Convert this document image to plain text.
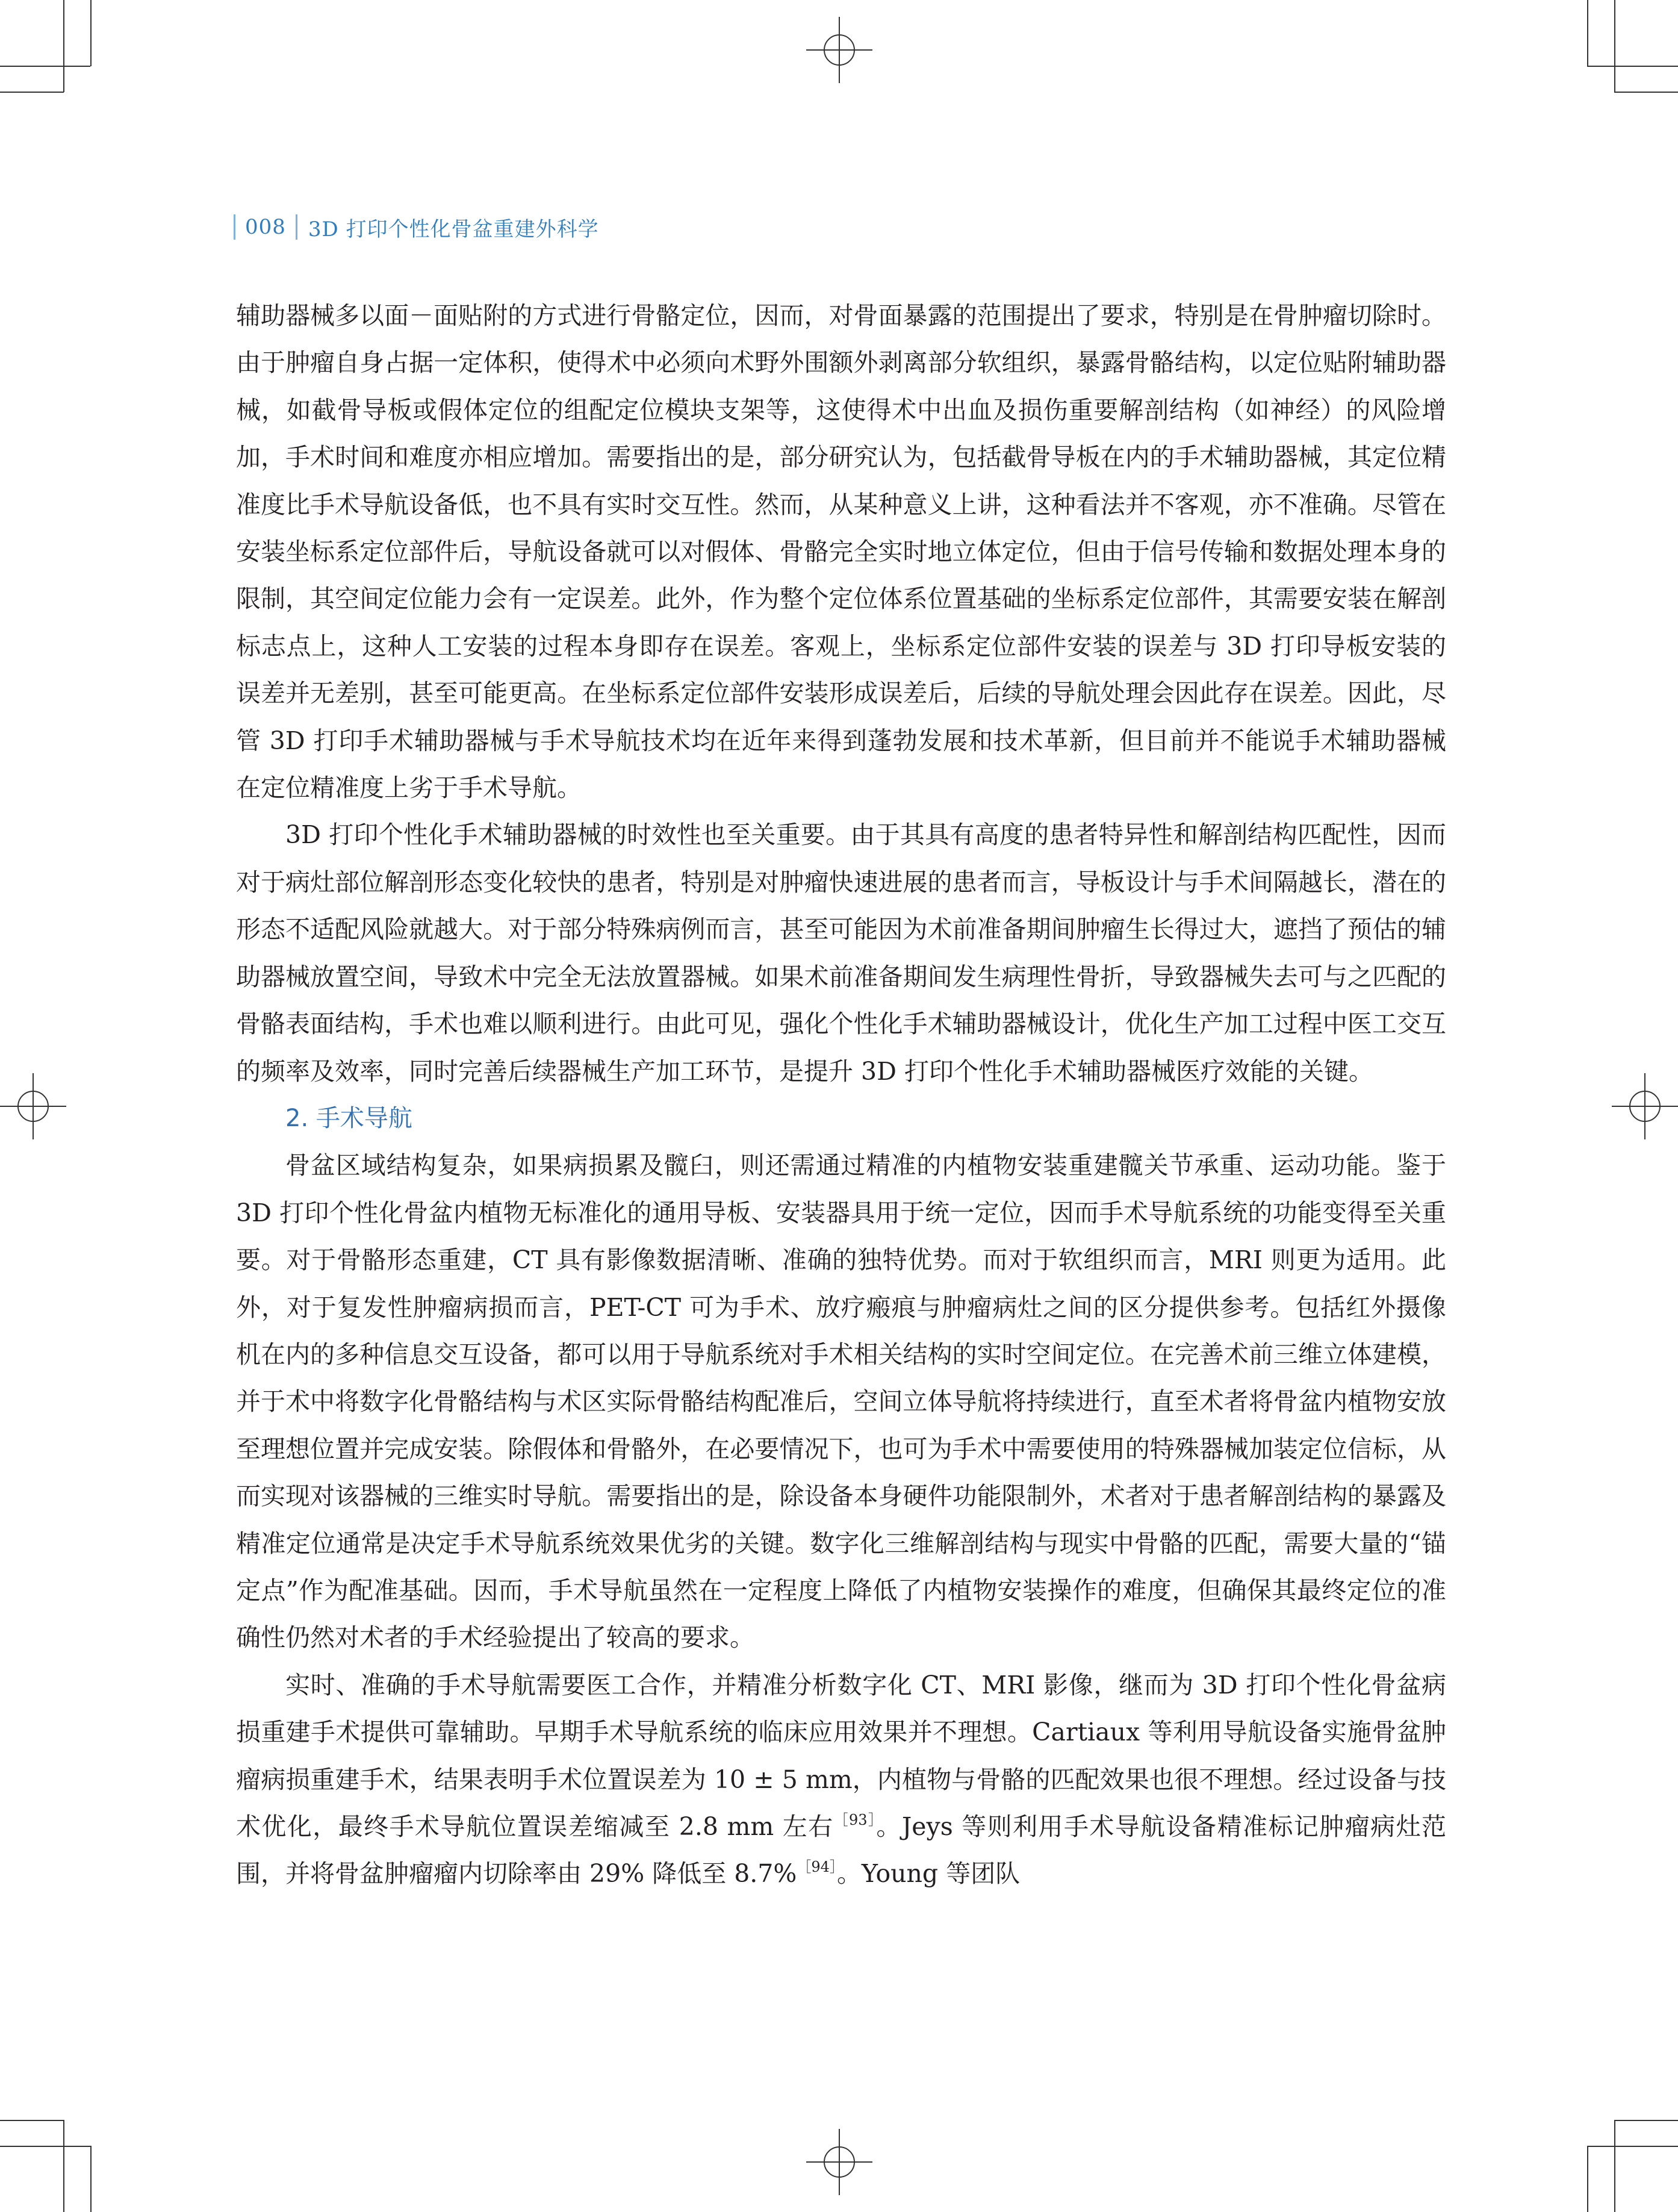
008 3D 打印个性化骨盆重建外科学

辅助器械多以面－面贴附的方式进行骨骼定位，因而，对骨面暴露的范围提出了要求，特别是在骨肿瘤切除时。由于肿瘤自身占据一定体积，使得术中必须向术野外围额外剥离部分软组织，暴露骨骼结构，以定位贴附辅助器械，如截骨导板或假体定位的组配定位模块支架等，这使得术中出血及损伤重要解剖结构（如神经）的风险增加，手术时间和难度亦相应增加。需要指出的是，部分研究认为，包括截骨导板在内的手术辅助器械，其定位精准度比手术导航设备低，也不具有实时交互性。然而，从某种意义上讲，这种看法并不客观，亦不准确。尽管在安装坐标系定位部件后，导航设备就可以对假体、骨骼完全实时地立体定位，但由于信号传输和数据处理本身的限制，其空间定位能力会有一定误差。此外，作为整个定位体系位置基础的坐标系定位部件，其需要安装在解剖标志点上，这种人工安装的过程本身即存在误差。客观上，坐标系定位部件安装的误差与 3D 打印导板安装的误差并无差别，甚至可能更高。在坐标系定位部件安装形成误差后，后续的导航处理会因此存在误差。因此，尽管 3D 打印手术辅助器械与手术导航技术均在近年来得到蓬勃发展和技术革新，但目前并不能说手术辅助器械在定位精准度上劣于手术导航。

3D 打印个性化手术辅助器械的时效性也至关重要。由于其具有高度的患者特异性和解剖结构匹配性，因而对于病灶部位解剖形态变化较快的患者，特别是对肿瘤快速进展的患者而言，导板设计与手术间隔越长，潜在的形态不适配风险就越大。对于部分特殊病例而言，甚至可能因为术前准备期间肿瘤生长得过大，遮挡了预估的辅助器械放置空间，导致术中完全无法放置器械。如果术前准备期间发生病理性骨折，导致器械失去可与之匹配的骨骼表面结构，手术也难以顺利进行。由此可见，强化个性化手术辅助器械设计，优化生产加工过程中医工交互的频率及效率，同时完善后续器械生产加工环节，是提升 3D 打印个性化手术辅助器械医疗效能的关键。

2. 手术导航

骨盆区域结构复杂，如果病损累及髋臼，则还需通过精准的内植物安装重建髋关节承重、运动功能。鉴于 3D 打印个性化骨盆内植物无标准化的通用导板、安装器具用于统一定位，因而手术导航系统的功能变得至关重要。对于骨骼形态重建，CT 具有影像数据清晰、准确的独特优势。而对于软组织而言，MRI 则更为适用。此外，对于复发性肿瘤病损而言，PET-CT 可为手术、放疗瘢痕与肿瘤病灶之间的区分提供参考。包括红外摄像机在内的多种信息交互设备，都可以用于导航系统对手术相关结构的实时空间定位。在完善术前三维立体建模，并于术中将数字化骨骼结构与术区实际骨骼结构配准后，空间立体导航将持续进行，直至术者将骨盆内植物安放至理想位置并完成安装。除假体和骨骼外，在必要情况下，也可为手术中需要使用的特殊器械加装定位信标，从而实现对该器械的三维实时导航。需要指出的是，除设备本身硬件功能限制外，术者对于患者解剖结构的暴露及精准定位通常是决定手术导航系统效果优劣的关键。数字化三维解剖结构与现实中骨骼的匹配，需要大量的“锚定点”作为配准基础。因而，手术导航虽然在一定程度上降低了内植物安装操作的难度，但确保其最终定位的准确性仍然对术者的手术经验提出了较高的要求。

实时、准确的手术导航需要医工合作，并精准分析数字化 CT、MRI 影像，继而为 3D 打印个性化骨盆病损重建手术提供可靠辅助。早期手术导航系统的临床应用效果并不理想。Cartiaux 等利用导航设备实施骨盆肿瘤病损重建手术，结果表明手术位置误差为 10 ± 5 mm，内植物与骨骼的匹配效果也很不理想。经过设备与技术优化，最终手术导航位置误差缩减至 2.8 mm 左右$^{[93]}$。Jeys 等则利用手术导航设备精准标记肿瘤病灶范围，并将骨盆肿瘤瘤内切除率由 29% 降低至 8.7%$^{[94]}$。Young 等团队
